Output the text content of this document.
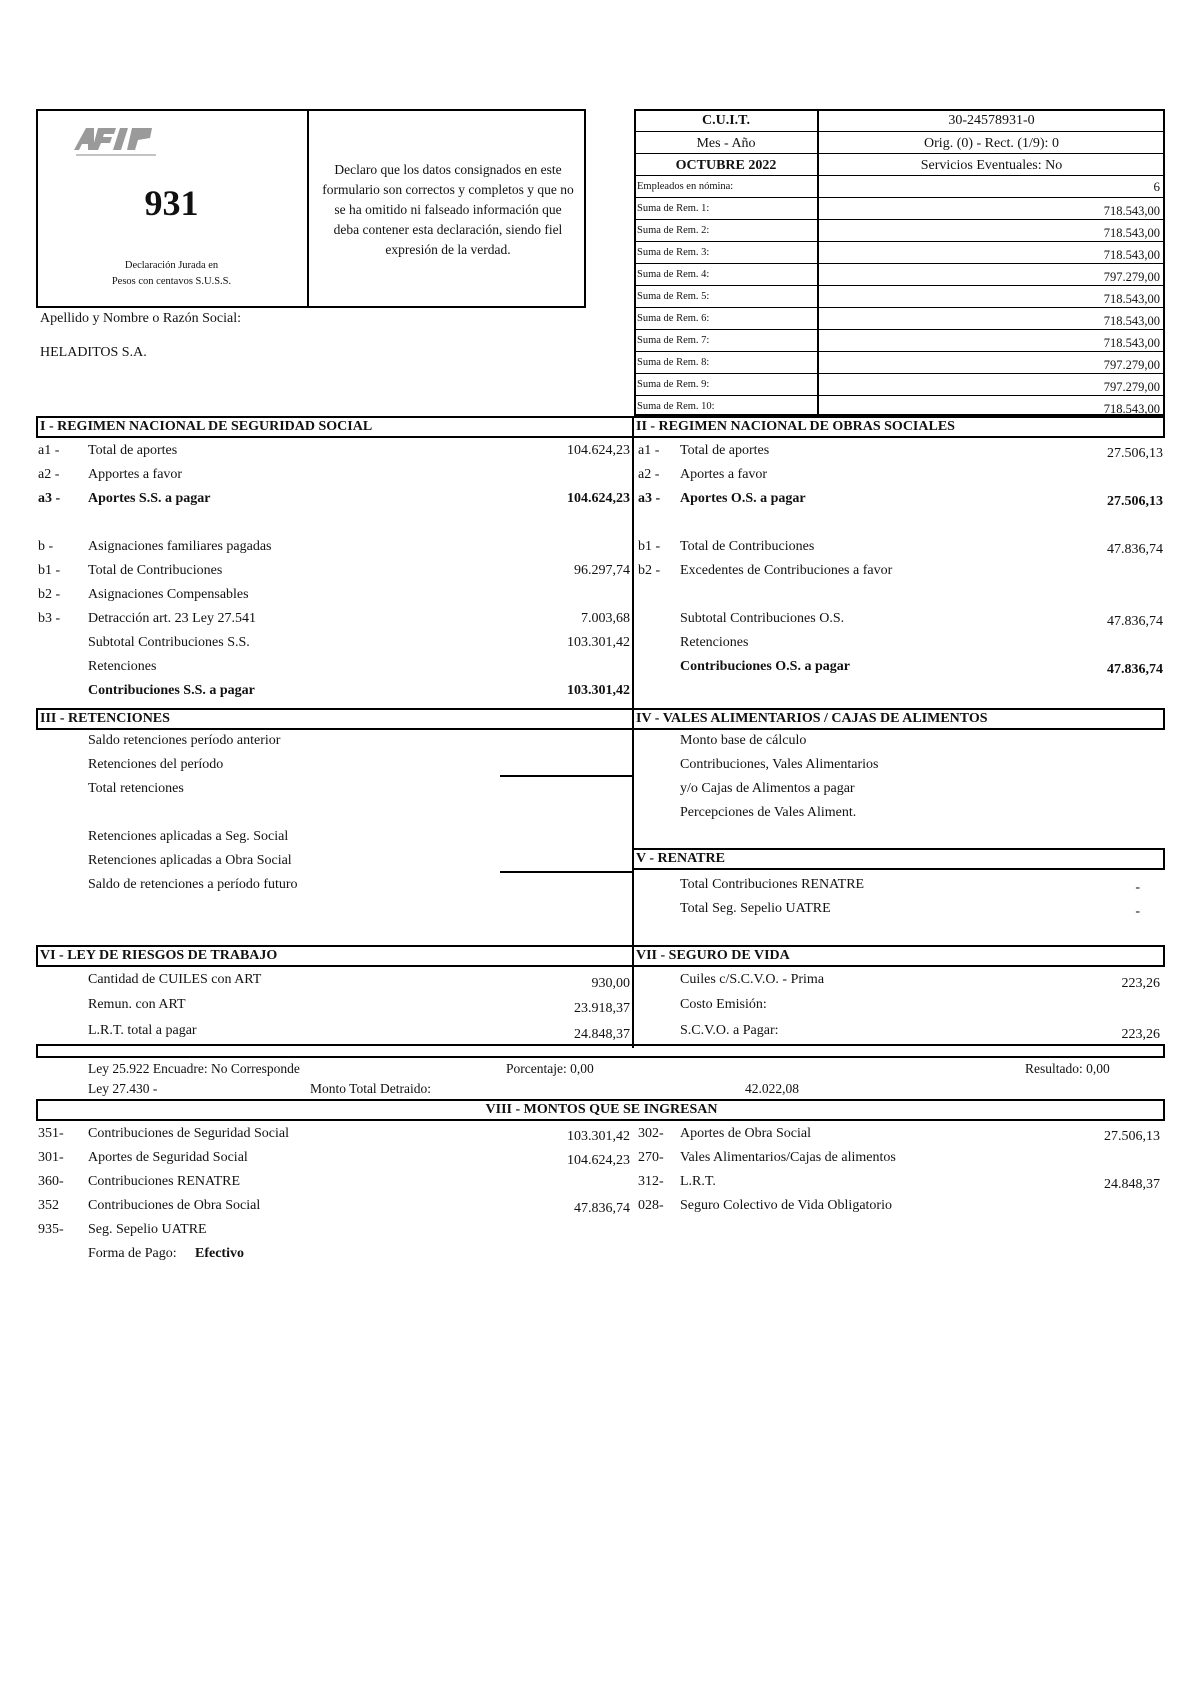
931
Declaración Jurada en
Pesos con centavos S.U.S.S.
Declaro que los datos consignados en este
formulario son correctos y completos y que no
se ha omitido ni falseado información que
deba contener esta declaración, siendo fiel
expresión de la verdad.
C.U.I.T.	30-24578931-0
Mes - Año	Orig. (0) - Rect. (1/9): 0
OCTUBRE 2022	Servicios Eventuales: No
Empleados en nómina:	6
Suma de Rem. 1:	718.543,00
Suma de Rem. 2:	718.543,00
Suma de Rem. 3:	718.543,00
Suma de Rem. 4:	797.279,00
Suma de Rem. 5:	718.543,00
Suma de Rem. 6:	718.543,00
Suma de Rem. 7:	718.543,00
Suma de Rem. 8:	797.279,00
Suma de Rem. 9:	797.279,00
Suma de Rem. 10:	718.543,00
Apellido y Nombre o Razón Social:
HELADITOS S.A.
I - REGIMEN NACIONAL DE SEGURIDAD SOCIAL	II - REGIMEN NACIONAL DE OBRAS SOCIALES
a1 - Total de aportes	104.624,23
a2 - Apportes a favor
a3 - Aportes S.S. a pagar	104.624,23
b - Asignaciones familiares pagadas
b1 - Total de Contribuciones	96.297,74
b2 - Asignaciones Compensables
b3 - Detracción art. 23 Ley 27.541	7.003,68
Subtotal Contribuciones S.S.	103.301,42
Retenciones
Contribuciones S.S. a pagar	103.301,42
a1 - Total de aportes	27.506,13
a2 - Aportes a favor
a3 - Aportes O.S. a pagar	27.506,13
b1 - Total de Contribuciones	47.836,74
b2 - Excedentes de Contribuciones a favor
Subtotal Contribuciones O.S.	47.836,74
Retenciones
Contribuciones O.S. a pagar	47.836,74
III - RETENCIONES	IV - VALES ALIMENTARIOS / CAJAS DE ALIMENTOS
Saldo retenciones período anterior
Retenciones del período
Total retenciones
Retenciones aplicadas a Seg. Social
Retenciones aplicadas a Obra Social
Saldo de retenciones a período futuro
Monto base de cálculo
Contribuciones, Vales Alimentarios
y/o Cajas de Alimentos a pagar
Percepciones de Vales Aliment.
V - RENATRE
Total Contribuciones RENATRE	-
Total Seg. Sepelio UATRE	-
VI - LEY DE RIESGOS DE TRABAJO	VII - SEGURO DE VIDA
Cantidad de CUILES con ART	930,00
Remun. con ART	23.918,37
L.R.T. total a pagar	24.848,37
Cuiles c/S.C.V.O. - Prima	223,26
Costo Emisión:
S.C.V.O. a Pagar:	223,26
Ley 25.922 Encuadre: No Corresponde	Porcentaje: 0,00	Resultado: 0,00
Ley 27.430 -	Monto Total Detraido:	42.022,08
VIII - MONTOS QUE SE INGRESAN
351- Contribuciones de Seguridad Social	103.301,42
301- Aportes de Seguridad Social	104.624,23
360- Contribuciones RENATRE
352 Contribuciones de Obra Social	47.836,74
935- Seg. Sepelio UATRE
302- Aportes de Obra Social	27.506,13
270- Vales Alimentarios/Cajas de alimentos
312- L.R.T.	24.848,37
028- Seguro Colectivo de Vida Obligatorio
Forma de Pago: Efectivo
